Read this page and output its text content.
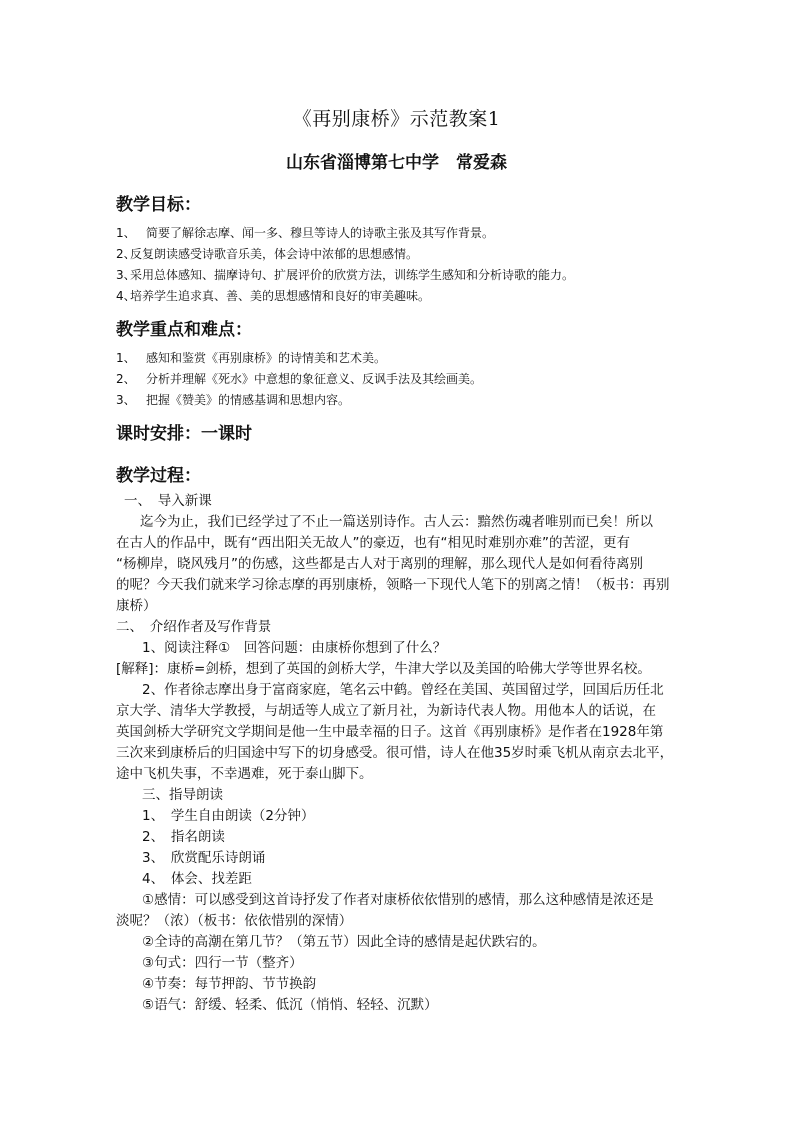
《再别康桥》示范教案1
山东省淄博第七中学　常爱森
教学目标：
1、 简要了解徐志摩、闻一多、穆旦等诗人的诗歌主张及其写作背景。
2、反复朗读感受诗歌音乐美，体会诗中浓郁的思想感情。
3、采用总体感知、揣摩诗句、扩展评价的欣赏方法，训练学生感知和分析诗歌的能力。
4、培养学生追求真、善、美的思想感情和良好的审美趣味。
教学重点和难点：
1、 感知和鉴赏《再别康桥》的诗情美和艺术美。
2、 分析并理解《死水》中意想的象征意义、反讽手法及其绘画美。
3、 把握《赞美》的情感基调和思想内容。
课时安排：一课时
教学过程：
一、　导入新课
迄今为止，我们已经学过了不止一篇送别诗作。古人云：黯然伤魂者唯别而已矣！所以
在古人的作品中，既有“西出阳关无故人”的豪迈，也有“相见时难别亦难”的苦涩，更有
“杨柳岸，晓风残月”的伤感，这些都是古人对于离别的理解，那么现代人是如何看待离别
的呢？今天我们就来学习徐志摩的再别康桥，领略一下现代人笔下的别离之情！（板书：再别
康桥）
二、　介绍作者及写作背景
1、阅读注释①　回答问题：由康桥你想到了什么？
[解释]：康桥=剑桥，想到了英国的剑桥大学，牛津大学以及美国的哈佛大学等世界名校。
2、作者徐志摩出身于富商家庭，笔名云中鹤。曾经在美国、英国留过学，回国后历任北
京大学、清华大学教授，与胡适等人成立了新月社，为新诗代表人物。用他本人的话说，在
英国剑桥大学研究文学期间是他一生中最幸福的日子。这首《再别康桥》是作者在1928年第
三次来到康桥后的归国途中写下的切身感受。很可惜，诗人在他35岁时乘飞机从南京去北平，
途中飞机失事，不幸遇难，死于泰山脚下。
三、指导朗读
1、　学生自由朗读（2分钟）
2、　指名朗读
3、　欣赏配乐诗朗诵
4、　体会、找差距
①感情：可以感受到这首诗抒发了作者对康桥依依惜别的感情，那么这种感情是浓还是
淡呢？（浓）（板书：依依惜别的深情）
②全诗的高潮在第几节？（第五节）因此全诗的感情是起伏跌宕的。
③句式：四行一节（整齐）
④节奏：每节押韵、节节换韵
⑤语气：舒缓、轻柔、低沉（悄悄、轻轻、沉默）
